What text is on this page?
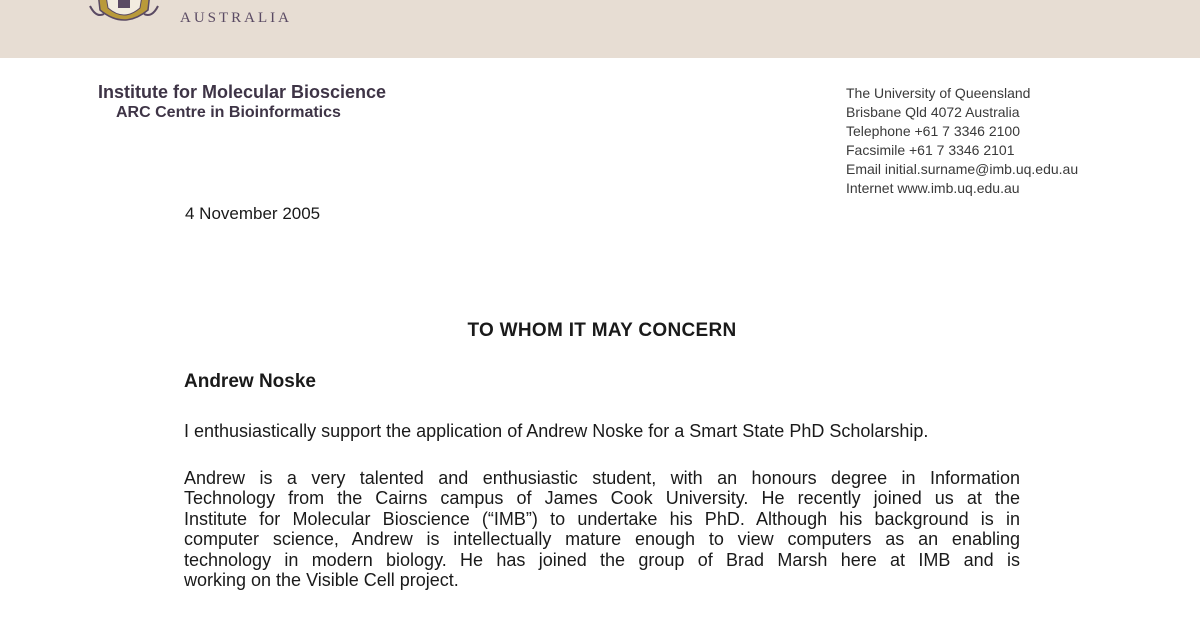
AUSTRALIA
Institute for Molecular Bioscience
ARC Centre in Bioinformatics
The University of Queensland
Brisbane Qld 4072 Australia
Telephone +61 7 3346 2100
Facsimile +61 7 3346 2101
Email initial.surname@imb.uq.edu.au
Internet www.imb.uq.edu.au
4 November 2005
TO WHOM IT MAY CONCERN
Andrew Noske
I enthusiastically support the application of Andrew Noske for a Smart State PhD Scholarship.
Andrew is a very talented and enthusiastic student, with an honours degree in Information
Technology from the Cairns campus of James Cook University. He recently joined us at the
Institute for Molecular Bioscience (“IMB”) to undertake his PhD. Although his background is in
computer science, Andrew is intellectually mature enough to view computers as an enabling
technology in modern biology. He has joined the group of Brad Marsh here at IMB and is
working on the Visible Cell project.
